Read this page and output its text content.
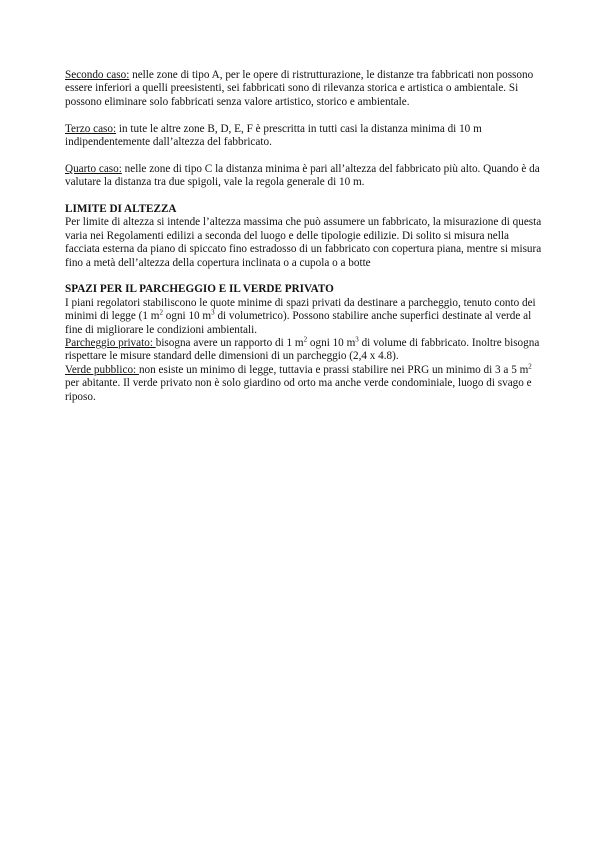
Secondo caso: nelle zone di tipo A, per le opere di ristrutturazione, le distanze tra fabbricati non possono essere inferiori a quelli preesistenti, sei fabbricati sono di rilevanza storica e artistica o ambientale. Si possono eliminare solo fabbricati senza valore artistico, storico e ambientale.

Terzo caso: in tute le altre zone B, D, E, F è prescritta in tutti casi la distanza minima di 10 m indipendentemente dall’altezza del fabbricato.

Quarto caso: nelle zone di tipo C la distanza minima è pari all’altezza del fabbricato più alto. Quando è da valutare la distanza tra due spigoli, vale la regola generale di 10 m.

LIMITE DI ALTEZZA
Per limite di altezza si intende l’altezza massima che può assumere un fabbricato, la misurazione di questa varia nei Regolamenti edilizi a seconda del luogo e delle tipologie edilizie. Di solito si misura nella facciata esterna da piano di spiccato fino estradosso di un fabbricato con copertura piana, mentre si misura fino a metà dell’altezza della copertura inclinata o a cupola o a botte
SPAZI PER IL PARCHEGGIO E IL VERDE PRIVATO
I piani regolatori stabiliscono le quote minime di spazi privati da destinare a parcheggio, tenuto conto dei minimi di legge (1 $m^2$ ogni 10 $m^3$ di volumetrico). Possono stabilire anche superfici destinate al verde al fine di migliorare le condizioni ambientali.
Parcheggio privato: bisogna avere un rapporto di 1 $m^2$ ogni 10 $m^3$ di volume di fabbricato. Inoltre bisogna rispettare le misure standard delle dimensioni di un parcheggio (2,4 x 4.8).
Verde pubblico: non esiste un minimo di legge, tuttavia e prassi stabilire nei PRG un minimo di 3 a 5 $m^2$ per abitante. Il verde privato non è solo giardino od orto ma anche verde condominiale, luogo di svago e riposo.
